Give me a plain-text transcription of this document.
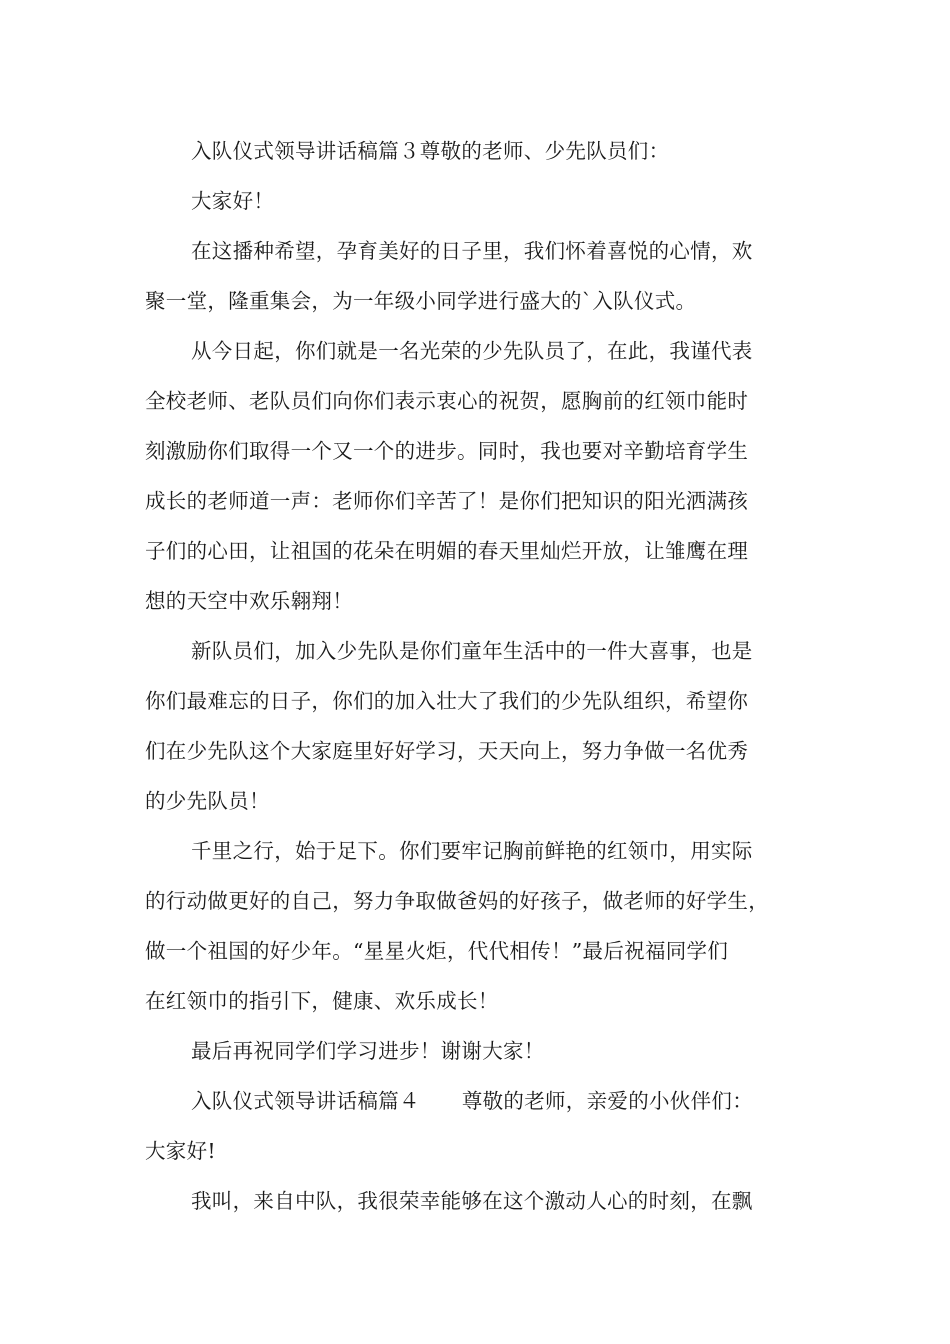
入队仪式领导讲话稿篇３尊敬的老师、少先队员们：
大家好！
在这播种希望，孕育美好的日子里，我们怀着喜悦的心情，欢
聚一堂，隆重集会，为一年级小同学进行盛大的`入队仪式。
从今日起，你们就是一名光荣的少先队员了，在此，我谨代表
全校老师、老队员们向你们表示衷心的祝贺，愿胸前的红领巾能时
刻激励你们取得一个又一个的进步。同时，我也要对辛勤培育学生
成长的老师道一声：老师你们辛苦了！是你们把知识的阳光洒满孩
子们的心田，让祖国的花朵在明媚的春天里灿烂开放，让雏鹰在理
想的天空中欢乐翱翔！
新队员们，加入少先队是你们童年生活中的一件大喜事，也是
你们最难忘的日子，你们的加入壮大了我们的少先队组织，希望你
们在少先队这个大家庭里好好学习，天天向上，努力争做一名优秀
的少先队员！
千里之行，始于足下。你们要牢记胸前鲜艳的红领巾，用实际
的行动做更好的自己，努力争取做爸妈的好孩子，做老师的好学生，
做一个祖国的好少年。“星星火炬，代代相传！”最后祝福同学们
在红领巾的指引下，健康、欢乐成长！
最后再祝同学们学习进步！谢谢大家！
入队仪式领导讲话稿篇４ 尊敬的老师，亲爱的小伙伴们：
大家好!
我叫，来自中队，我很荣幸能够在这个激动人心的时刻，在飘
